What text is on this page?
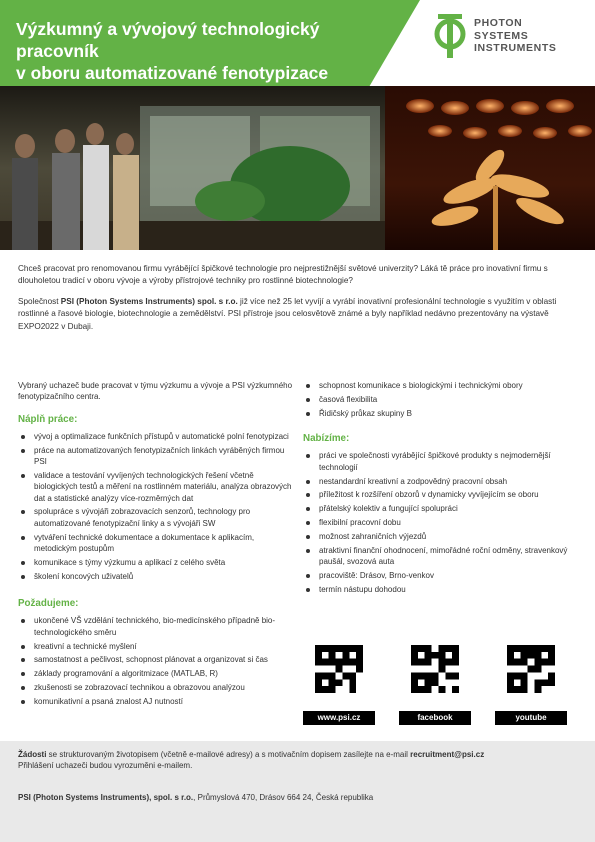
Výzkumný a vývojový technologický pracovník
v oboru automatizované fenotypizace
PHOTON
SYSTEMS
INSTRUMENTS

Chceš pracovat pro renomovanou firmu vyrábějící špičkové technologie pro nejprestižnější světové univerzity? Láká tě práce pro inovativní firmu s dlouholetou tradicí v oboru vývoje a výroby přístrojové techniky pro rostlinné biotechnologie?

Společnost PSI (Photon Systems Instruments) spol. s r.o. již více než 25 let vyvíjí a vyrábí inovativní profesionální technologie s využitím v oblasti rostlinné a řasové biologie, biotechnologie a zemědělství. PSI přístroje jsou celosvětově známé a byly například nedávno prezentovány na výstavě EXPO2022 v Dubaji.

Vybraný uchazeč bude pracovat v týmu výzkumu a vývoje a PSI výzkumného fenotypizačního centra.
Náplň práce:
vývoj a optimalizace funkčních přístupů v automatické polní fenotypizaci
práce na automatizovaných fenotypizačních linkách vyráběných firmou PSI
validace a testování vyvíjených technologických řešení včetně biologických testů a měření na rostlinném materiálu, analýza obrazových dat a statistické analýzy více-rozměrných dat
spolupráce s vývojáři zobrazovacích senzorů, technology pro automatizované fenotypizační linky a s vývojáři SW
vytváření technické dokumentace a dokumentace k aplikacím, metodickým postupům
komunikace s týmy výzkumu a aplikací z celého světa
školení koncových uživatelů
Požadujeme:
ukončené VŠ vzdělání technického, bio-medicínského případně bio-technologického směru
kreativní a technické myšlení
samostatnost a pečlivost, schopnost plánovat a organizovat si čas
základy programování a algoritmizace (MATLAB, R)
zkušenosti se zobrazovací technikou a obrazovou analýzou
komunikativní a psaná znalost AJ nutností
schopnost komunikace s biologickými i technickými obory
časová flexibilita
Řidičský průkaz skupiny B
Nabízíme:
práci ve společnosti vyrábějící špičkové produkty s nejmodernější technologií
nestandardní kreativní a zodpovědný pracovní obsah
příležitost k rozšíření obzorů v dynamicky vyvíjejícím se oboru
přátelský kolektiv a fungující spolupráci
flexibilní pracovní dobu
možnost zahraničních výjezdů
atraktivní finanční ohodnocení, mimořádné roční odměny, stravenkový paušál, svozová auta
pracoviště: Drásov, Brno-venkov
termín nástupu dohodou
www.psi.cz	facebook	youtube
Žádosti se strukturovaným životopisem (včetně e-mailové adresy) a s motivačním dopisem zasílejte na e-mail recruitment@psi.cz
Přihlášení uchazeči budou vyrozuměni e-mailem.
PSI (Photon Systems Instruments), spol. s r.o., Průmyslová 470, Drásov 664 24, Česká republika
